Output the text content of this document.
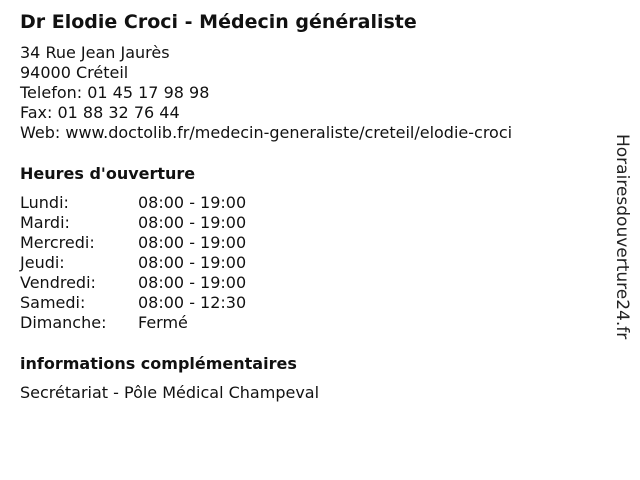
Dr Elodie Croci - Médecin généraliste
34 Rue Jean Jaurès
94000 Créteil
Telefon: 01 45 17 98 98
Fax: 01 88 32 76 44
Web: www.doctolib.fr/medecin-generaliste/creteil/elodie-croci
Heures d'ouverture
Lundi:	08:00 - 19:00
Mardi:	08:00 - 19:00
Mercredi:	08:00 - 19:00
Jeudi:	08:00 - 19:00
Vendredi:	08:00 - 19:00
Samedi:	08:00 - 12:30
Dimanche:	Fermé
informations complémentaires
Secrétariat - Pôle Médical Champeval
Horairesdouverture24.fr
